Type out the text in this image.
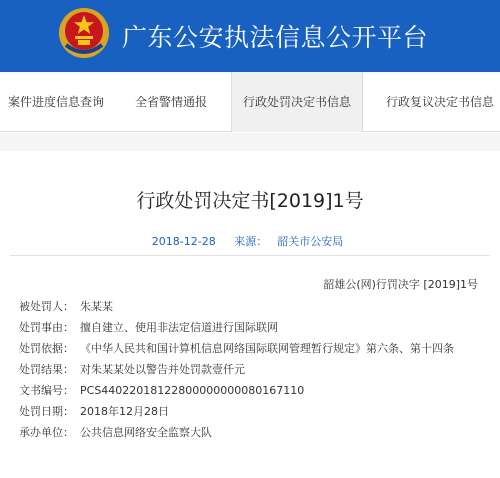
广东公安执法信息公开平台
案件进度信息查询	全省警情通报	行政处罚决定书信息	行政复议决定书信息
行政处罚决定书[2019]1号
2018-12-28 来源： 韶关市公安局
韶雄公(网)行罚决字 [2019]1号
被处罚人： 朱某某
处罚事由： 擅自建立、使用非法定信道进行国际联网
处罚依据： 《中华人民共和国计算机信息网络国际联网管理暂行规定》第六条、第十四条
处罚结果： 对朱某某处以警告并处罚款壹仟元
文书编号： PCS44022018122800000000080167110
处罚日期： 2018年12月28日
承办单位： 公共信息网络安全监察大队
